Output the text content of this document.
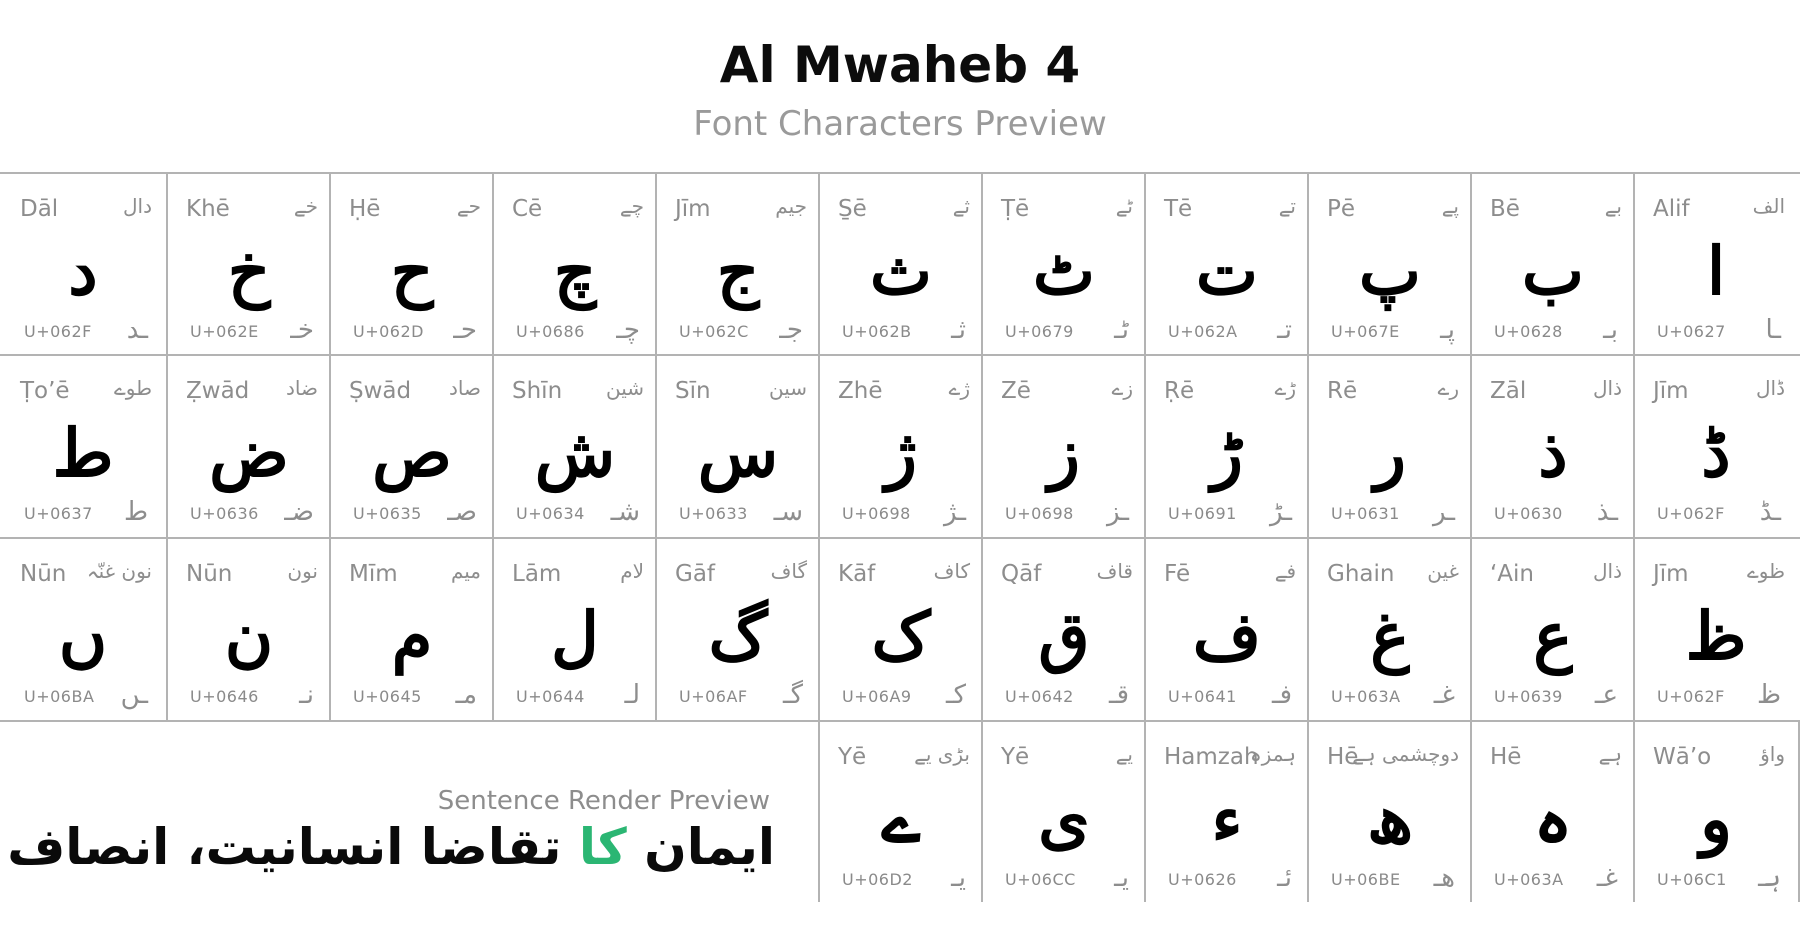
Al Mwaheb 4
Font Characters Preview
Dāl	دال
د
U+062F ـد
Khē	خے
خ
U+062E خـ
Ḥē	حے
ح
U+062D حـ
Cē	چے
چ
U+0686 چـ
Jīm	جیم
ج
U+062C جـ
S̱ē	ثے
ث
U+062B ثـ
Ṭē	ٹے
ٹ
U+0679 ٹـ
Tē	تے
ت
U+062A تـ
Pē	پے
پ
U+067E پـ
Bē	بے
ب
U+0628 بـ
Alif	الف
ا
U+0627 ـا
Ṭo’ē طوے
ط
U+0637 ط
Ẓwād ضاد
ض
U+0636 ضـ
Ṣwād صاد
ص
U+0635 صـ
Shīn شین
ش
U+0634 شـ
Sīn	سین
س
U+0633 سـ
Zhē	ژے
ژ
U+0698 ـژ
Zē	زے
ز
U+0698 ـز
Ṛē	ڑے
ڑ
U+0691 ـڑ
Rē	رے
ر
U+0631 ـر
Zāl	ذال
ذ
U+0630 ـذ
Jīm	ڈال
ڈ
U+062F ـڈ
Nūn نون غنّہ
ں
U+06BA ـں
Nūn	نون
ن
U+0646 نـ
Mīm	میم
م
U+0645 مـ
Lām	لام
ل
U+0644 لـ
Gāf	گاف
گ
U+06AF گـ
Kāf	کاف
ک
U+06A9 کـ
Qāf	قاف
ق
U+0642 قـ
Fē	فے
ف
U+0641 فـ
Ghain غین
غ
U+063A غـ
‘Ain	ذال
ع
U+0639 عـ
Jīm	ظوے
ظ
U+062F ظ
Yē بڑی یے
ے
U+06D2 یـ
Yē	یے
ی
U+06CC یـ
Hamzah
ہمزہ
ء
U+0626 ئـ
Hē
دوچشمی ہے
ھ
U+06BE ھـ
Hē	ہے
ہ
U+063A غـ
Wā’o واؤ
و
U+06C1 ہـ
Sentence Render Preview
ایمان کا تقاضا انسانیت، انصاف
